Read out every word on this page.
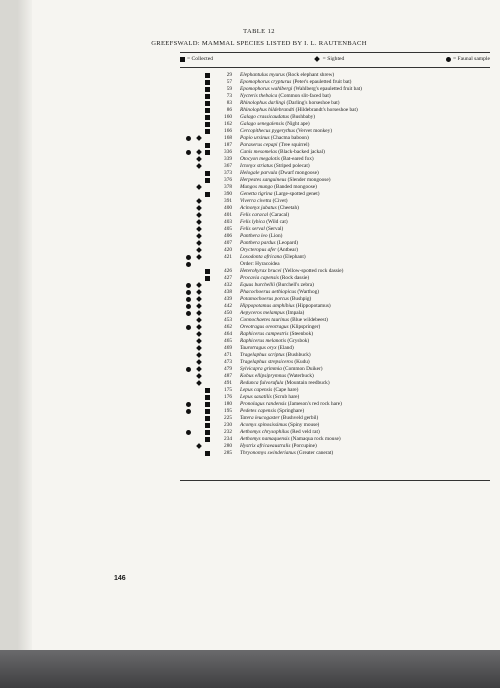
TABLE 12
GREEFSWALD: MAMMAL SPECIES LISTED BY I. L. RAUTENBACH
= Collected	= Sighted	= Faunal sample
29 Elephantulus myurus (Rock elephant shrew)
57 Epomophorus crypturus (Peter's epauletted fruit bat)
59 Epomophorus wahlbergi (Wahlberg's epauletted fruit bat)
73 Nycteris thebaica (Common slit-faced bat)
83 Rhinolophus darlingi (Darling's horseshoe bat)
86 Rhinolophus hildebrandti (Hildebrandt's horseshoe bat)
160 Galago crassicaudatus (Bushbaby)
162 Galago senegalensis (Night ape)
166 Cercopithecus pygerythus (Vervet monkey)
168 Papio ursinus (Chacma baboon)
187 Paraxerus cepapi (Tree squirrel)
336 Canis mesomelas (Black-backed jackal)
339 Otocyon megalotis (Bat-eared fox)
367 Ictonyx striatus (Striped polecat)
373 Helogale parvula (Dwarf mongoose)
376 Herpestes sanguineus (Slender mongoose)
378 Mungos mungo (Banded mongoose)
390 Genetta tigrina (Large-spotted genet)
391 Viverra civetta (Civet)
400 Acinonyx jubatus (Cheetah)
401 Felis caracal (Caracal)
403 Felis lybica (Wild cat)
405 Felis serval (Serval)
406 Panthera leo (Lion)
407 Panthera pardus (Leopard)
420 Orycteropus afer (Antbear)
421 Loxodonta africana (Elephant)
Order: Hyracoidea
426 Heterohyrax brucei (Yellow-spotted rock dassie)
427 Procavia capensis (Rock dassie)
432 Equus burchellii (Burchell's zebra)
438 Phacochoerus aethiopicus (Warthog)
439 Potamochoerus porcus (Bushpig)
442 Hippopotamus amphibius (Hippopotamus)
450 Aepyceros melampus (Impala)
453 Connochaetes taurinus (Blue wildebeest)
462 Oreotragus oreotragus (Klipspringer)
464 Raphicerus campestris (Steenbok)
465 Raphicerus melanotis (Grysbok)
469 Taurotragus oryx (Eland)
471 Tragelaphus scriptus (Bushbuck)
473 Tragelaphus strepsiceros (Kudu)
479 Sylvicapra grimmia (Common Duiker)
487 Kobus ellipsiprymnus (Waterbuck)
491 Redunca fulvorufula (Mountain reedbuck)
175 Lepus capensis (Cape hare)
176 Lepus saxatilis (Scrub hare)
180 Pronolagus randensis (Jameson's red rock hare)
195 Pedetes capensis (Springhare)
225 Tatera leucogaster (Bushveld gerbil)
230 Acomys spinosissimus (Spiny mouse)
232 Aethomys chrysophilus (Red veld rat)
234 Aethomys namaquensis (Namaqua rock mouse)
280 Hystrix africaeaustralis (Porcupine)
285 Thryonomys swinderianus (Greater canerat)
146
